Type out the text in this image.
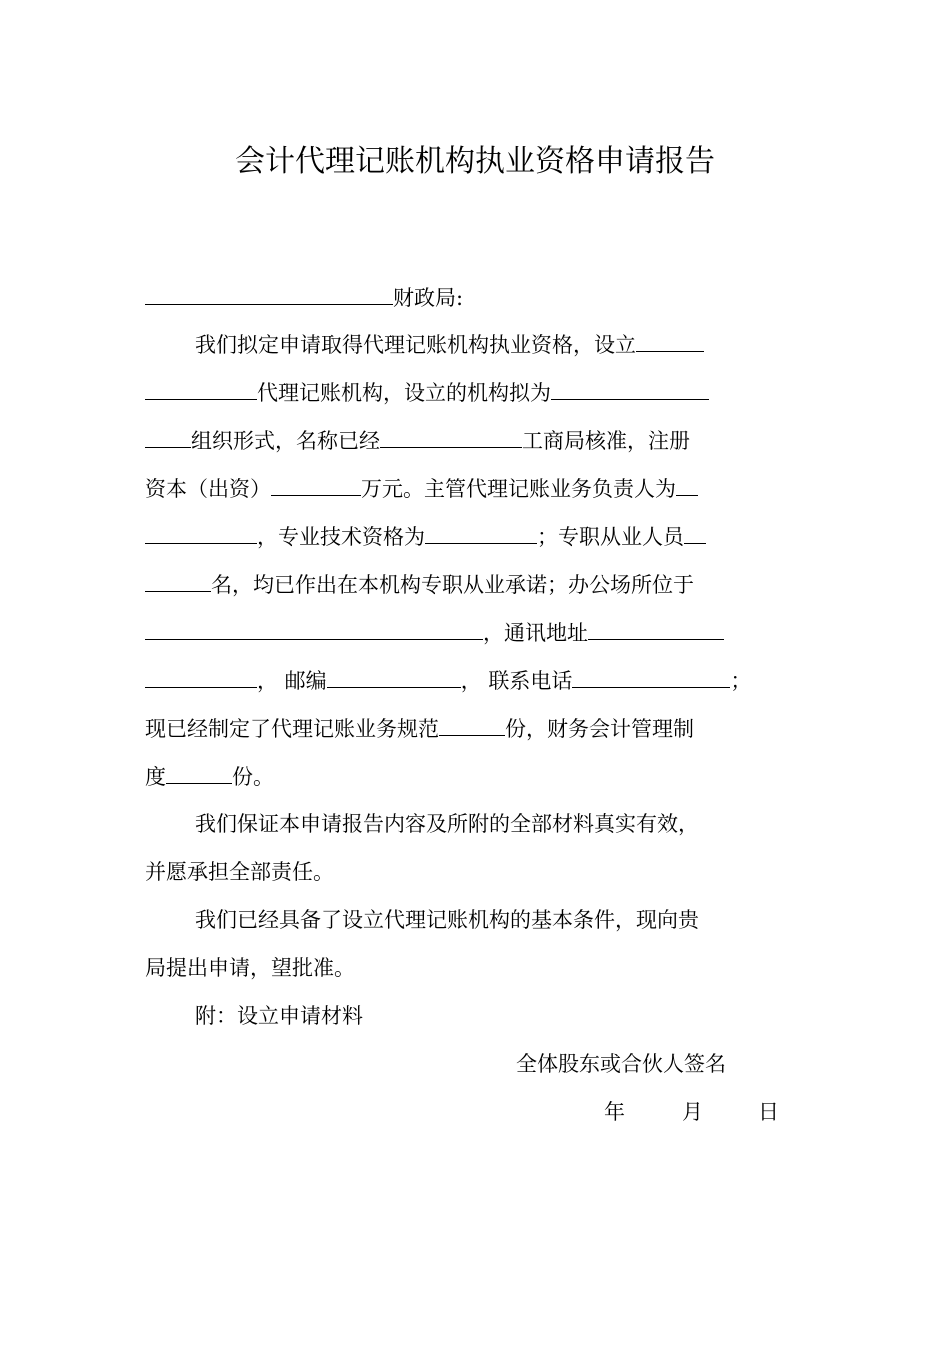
会计代理记账机构执业资格申请报告
财政局:
我们拟定申请取得代理记账机构执业资格，设立
代理记账机构，设立的机构拟为
组织形式，名称已经	工商局核准，注册
资本（出资）	万元。主管代理记账业务负责人为
，专业技术资格为	；专职从业人员
名，均已作出在本机构专职从业承诺；办公场所位于
，通讯地址
， 邮编	， 联系电话	；
现已经制定了代理记账业务规范	份，财务会计管理制
度	份。
我们保证本申请报告内容及所附的全部材料真实有效，
并愿承担全部责任。
我们已经具备了设立代理记账机构的基本条件，现向贵
局提出申请，望批准。
附：设立申请材料
全体股东或合伙人签名
年	月	日
